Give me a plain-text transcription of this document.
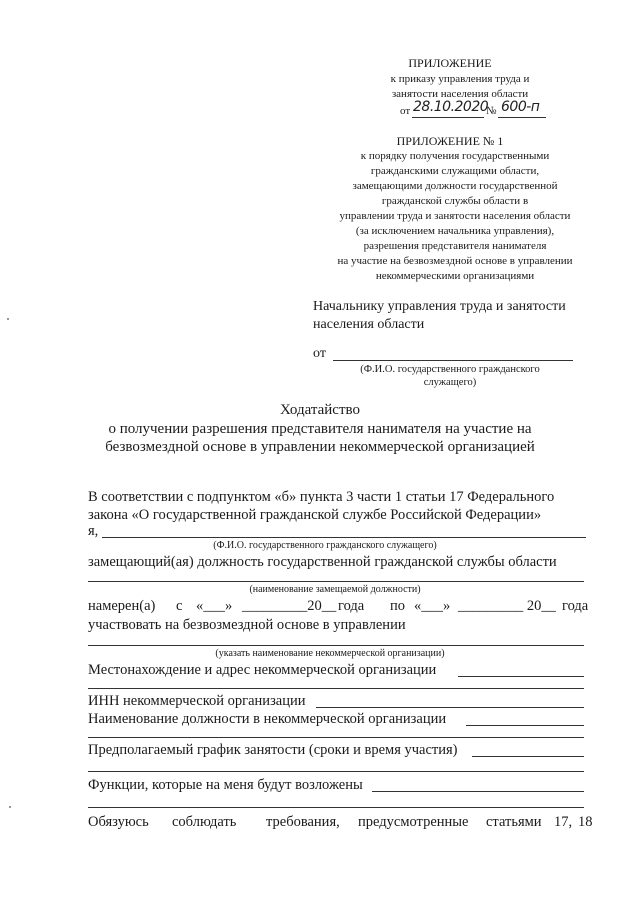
ПРИЛОЖЕНИЕ
к приказу управления труда и
занятости населения области
от 28.10.2020
№ 600-п
ПРИЛОЖЕНИЕ № 1
к порядку получения государственными
гражданскими служащими области,
замещающими должности государственной
гражданской службы области в
управлении труда и занятости населения области
(за исключением начальника управления),
разрешения представителя нанимателя
на участие на безвозмездной основе в управлении
некоммерческими организациями
Начальнику управления труда и занятости
населения области
от
(Ф.И.О. государственного гражданского
служащего)
Ходатайство
о получении разрешения представителя нанимателя на участие на
безвозмездной основе в управлении некоммерческой организацией
В соответствии с подпунктом «б» пункта 3 части 1 статьи 17 Федерального
закона «О государственной гражданской службе Российской Федерации»
я,
(Ф.И.О. государственного гражданского служащего)
замещающий(ая) должность государственной гражданской службы области
(наименование замещаемой должности)
намерен(а) с «___» _________20__ года по «___» _________ 20__ года
участвовать на безвозмездной основе в управлении
(указать наименование некоммерческой организации)
Местонахождение и адрес некоммерческой организации
ИНН некоммерческой организации
Наименование должности в некоммерческой организации
Предполагаемый график занятости (сроки и время участия)
Функции, которые на меня будут возложены
Обязуюсь соблюдать требования, предусмотренные статьями 17, 18
